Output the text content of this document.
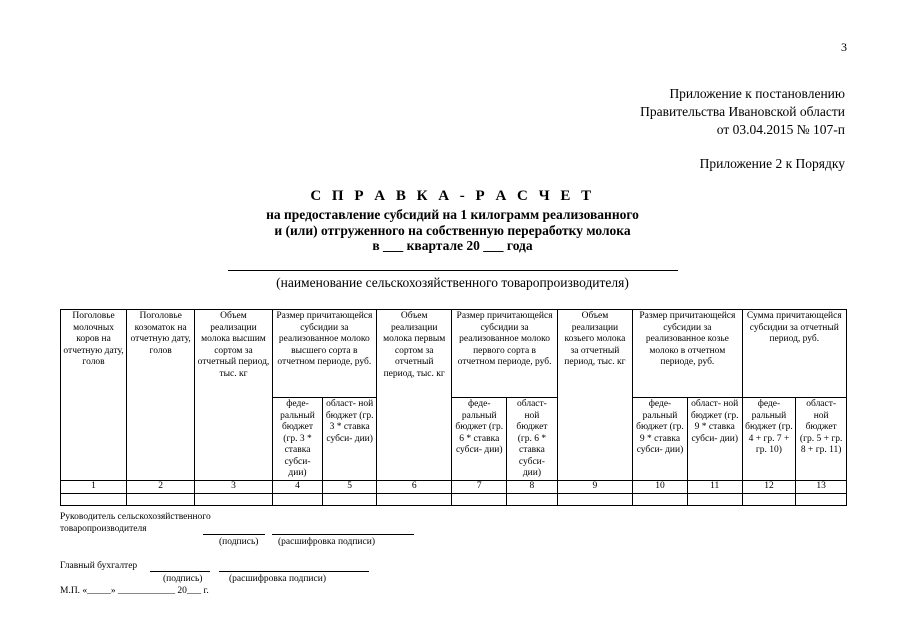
3
Приложение к постановлению
Правительства Ивановской области
от 03.04.2015 № 107-п
Приложение 2 к Порядку
С П Р А В К А - Р А С Ч Е Т
на предоставление субсидий на 1 килограмм реализованного
и (или) отгруженного на собственную переработку молока
в ___ квартале 20 ___ года
(наименование сельскохозяйственного товаропроизводителя)
Поголовье молочных коров на отчетную дату, голов	Поголовье козоматок на отчетную дату, голов	Объем реализации молока высшим сортом за отчетный период, тыс. кг	Размер причитающейся субсидии за реализованное молоко высшего сорта в отчетном периоде, руб.		Объем реализации молока первым сортом за отчетный период, тыс. кг	Размер причитающейся субсидии за реализованное молоко первого сорта в отчетном периоде, руб.		Объем реализации козьего молока за отчетный период, тыс. кг	Размер причитающейся субсидии за реализованное козье молоко в отчетном периоде, руб.		Сумма причитающейся субсидии за отчетный период, руб.	
			феде- ральный бюджет (гр. 3 * ставка субси- дии)	област- ной бюджет (гр. 3 * ставка субси- дии)		феде- ральный бюджет (гр. 6 * ставка субси- дии)	област- ной бюджет (гр. 6 * ставка субси- дии)		феде- ральный бюджет (гр. 9 * ставка субси- дии)	област- ной бюджет (гр. 9 * ставка субси- дии)	феде- ральный бюджет (гр. 4 + гр. 7 + гр. 10)	област- ной бюджет (гр. 5 + гр. 8 + гр. 11)
1	2	3	4	5	6	7	8	9	10	11	12	13

Руководитель сельскохозяйственного
товаропроизводителя
(подпись) (расшифровка подписи)
Главный бухгалтер
(подпись)	(расшифровка подписи)
М.П. «_____» ____________ 20___ г.
